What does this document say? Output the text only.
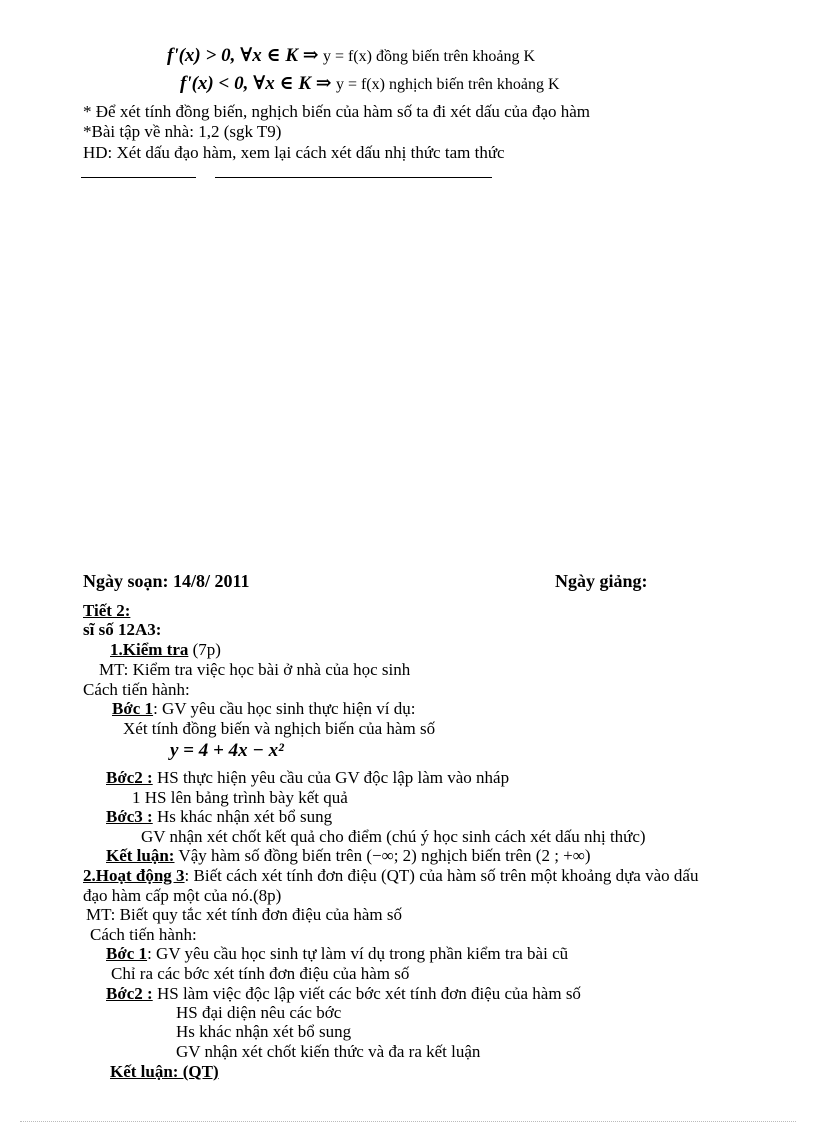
f'(x) > 0, ∀x ∈ K ⇒ y = f(x) đồng biến trên khoảng K
f'(x) < 0, ∀x ∈ K ⇒ y = f(x) nghịch biến trên khoảng K
* Để xét tính đồng biến, nghịch biến của hàm số ta đi xét dấu của đạo hàm
*Bài tập về nhà: 1,2 (sgk T9)
HD: Xét dấu đạo hàm, xem lại cách xét dấu nhị thức tam thức
Ngày soạn: 14/8/ 2011	Ngày giảng:
Tiết 2:
sĩ số 12A3:
1.Kiểm tra (7p)
MT: Kiểm tra việc học bài ở nhà của học sinh
Cách tiến hành:
Bớc 1: GV yêu cầu học sinh thực hiện ví dụ:
Xét tính đồng biến và nghịch biến của hàm số
y = 4 + 4x − x²
Bớc2 : HS thực hiện yêu cầu của GV độc lập làm vào nháp
1 HS lên bảng trình bày kết quả
Bớc3 : Hs khác nhận xét bổ sung
GV nhận xét chốt kết quả cho điểm (chú ý học sinh cách xét dấu nhị thức)
Kết luận: Vậy hàm số đồng biến trên (−∞; 2) nghịch biến trên (2 ; +∞)
2.Hoạt động 3: Biết cách xét tính đơn điệu (QT) của hàm số trên một khoảng dựa vào dấu
đạo hàm cấp một của nó.(8p)
MT: Biết quy tắc xét tính đơn điệu của hàm số
Cách tiến hành:
Bớc 1: GV yêu cầu học sinh tự làm ví dụ trong phần kiểm tra bài cũ
Chỉ ra các bớc xét tính đơn điệu của hàm số
Bớc2 : HS làm việc độc lập viết các bớc xét tính đơn điệu của hàm số
HS đại diện nêu các bớc
Hs khác nhận xét bổ sung
GV nhận xét chốt kiến thức và đa ra kết luận
Kết luận: (QT)
